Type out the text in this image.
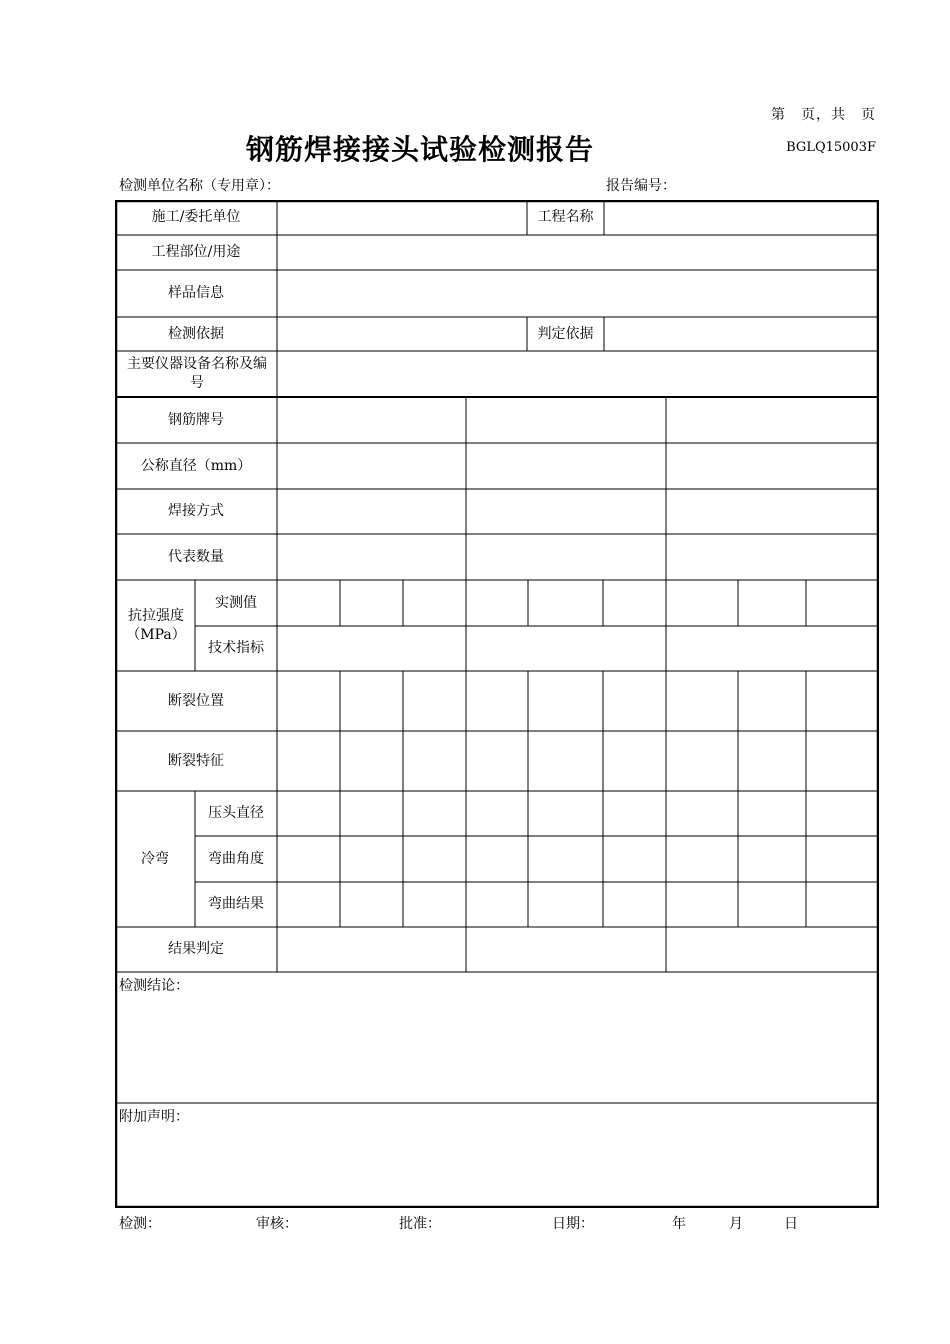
第　页，共　页
钢筋焊接接头试验检测报告	BGLQ15003F
检测单位名称（专用章）：	报告编号：
施工/委托单位	工程名称
工程部位/用途
样品信息
检测依据	判定依据
主要仪器设备名称及编号
钢筋牌号
公称直径（mm）
焊接方式
代表数量
抗拉强度（MPa）
实测值
技术指标
断裂位置
断裂特征
冷弯
压头直径
弯曲角度
弯曲结果
结果判定
检测结论：
附加声明：
检测：	审核：	批准：	日期：	年	月	日
